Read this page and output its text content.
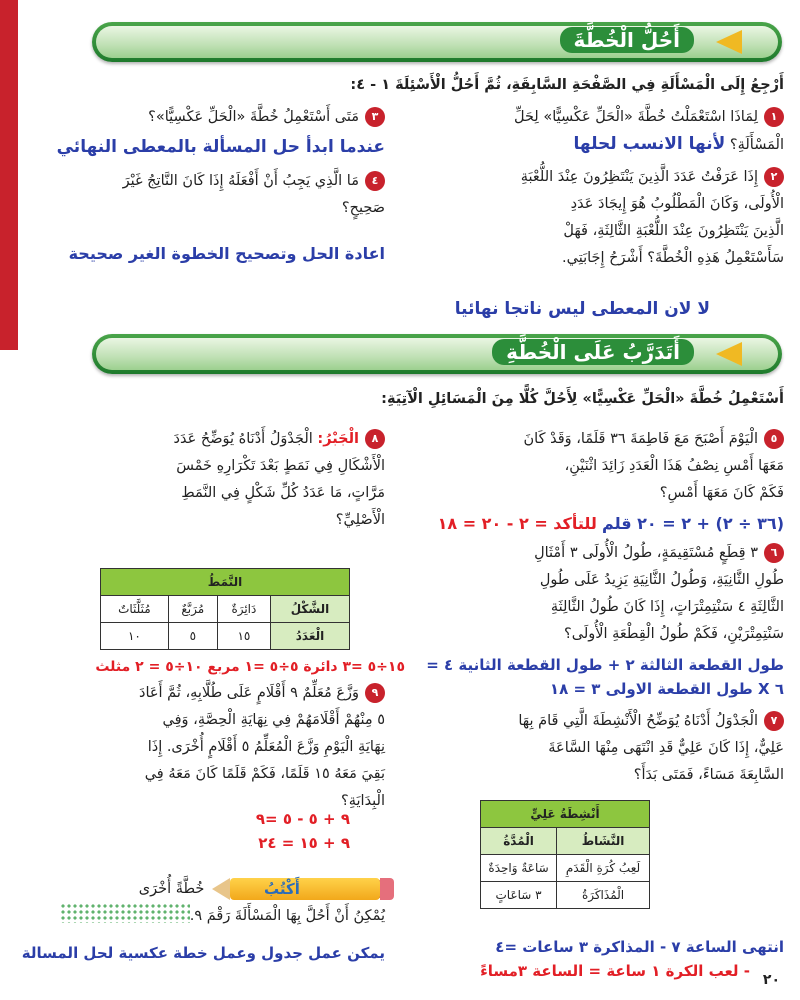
أَحُلُّ الْخُطَّةَ
أَرْجِعُ إِلَى الْمَسْأَلَةِ فِي الصَّفْحَةِ السَّابِقَةِ، ثُمَّ أَحُلُّ الْأَسْئِلَةَ ١ - ٤:
١لِمَاذَا اسْتَعْمَلْتُ خُطَّةَ «الْحَلِّ عَكْسِيًّا» لِحَلِّ
الْمَسْأَلَةِ؟ لأنها الانسب لحلها
٢إِذَا عَرَفْتُ عَدَدَ الَّذِينَ يَنْتَظِرُونَ عِنْدَ اللُّعْبَةِ
الْأُولَى، وَكَانَ الْمَطْلُوبُ هُوَ إِيجَادَ عَدَدِ
الَّذِينَ يَنْتَظِرُونَ عِنْدَ اللُّعْبَةِ الثَّالِثَةِ، فَهَلْ
سَأَسْتَعْمِلُ هَذِهِ الْخُطَّةَ؟ أَشْرَحُ إِجَابَتِي.
لا لان المعطى ليس ناتجا نهائيا
٣مَتَى أَسْتَعْمِلُ خُطَّةَ «الْحَلِّ عَكْسِيًّا»؟
عندما ابدأ حل المسألة بالمعطى النهائي
٤مَا الَّذِي يَجِبُ أَنْ أَفْعَلَهُ إِذَا كَانَ النَّاتِجُ غَيْرَ
صَحِيحٍ؟
اعادة الحل وتصحيح الخطوة الغير صحيحة
أَتَدَرَّبُ عَلَى الْخُطَّةِ
أَسْتَعْمِلُ خُطَّةَ «الْحَلِّ عَكْسِيًّا» لِأَحُلَّ كُلًّا مِنَ الْمَسَائِلِ الْآتِيَةِ:
٥الْيَوْمَ أَصْبَحَ مَعَ فَاطِمَةَ ٣٦ قَلَمًا، وَقَدْ كَانَ
مَعَهَا أَمْسِ نِصْفُ هَذَا الْعَدَدِ زَائِدَ اثْنَيْنِ،
فَكَمْ كَانَ مَعَهَا أَمْسِ؟
(٣٦ ÷ ٢) + ٢ = ٢٠ قلم للتأكد = ٢ - ٢٠ = ١٨
٦٣ قِطَعٍ مُسْتَقِيمَةٍ، طُولُ الْأُولَى ٣ أَمْثَالِ
طُولِ الثَّانِيَةِ، وَطُولُ الثَّانِيَةِ يَزِيدُ عَلَى طُولِ
الثَّالِثَةِ ٤ سَنْتِمِتْرَاتٍ، إِذَا كَانَ طُولُ الثَّالِثَةِ
سَنْتِمِتْرَيْنِ، فَكَمْ طُولُ الْقِطْعَةِ الْأُولَى؟
طول القطعة الثالثة ٢ + طول القطعة الثانية ٤ =
٦ X طول القطعة الاولى ٣ = ١٨
٧الْجَدْوَلُ أَدْنَاهُ يُوَضِّحُ الْأَنْشِطَةَ الَّتِي قَامَ بِهَا
عَلِيٌّ، إِذَا كَانَ عَلِيٌّ قَدِ انْتَهَى مِنْهَا السَّاعَةَ
السَّابِعَةَ مَسَاءً، فَمَتَى بَدَأَ؟
أَنْشِطَةُ عَلِيٍّ	
النَّشَاطُ	الْمُدَّةُ
لَعِبُ كُرَةِ الْقَدَمِ	سَاعَةٌ وَاحِدَةٌ
الْمُذَاكَرَةُ	٣ سَاعَاتٍ
انتهى الساعة ٧ - المذاكرة ٣ ساعات =٤
- لعب الكرة ١ ساعة = الساعة ٣مساءً
٨الْجَبْرُ: الْجَدْوَلُ أَدْنَاهُ يُوَضِّحُ عَدَدَ
الْأَشْكَالِ فِي نَمَطٍ بَعْدَ تَكْرَارِهِ خَمْسَ
مَرَّاتٍ، مَا عَدَدُ كُلِّ شَكْلٍ فِي النَّمَطِ
الْأَصْلِيِّ؟
النَّمَطُ			
الشَّكْلُ	دَائِرَةٌ	مُرَبَّعٌ	مُثَلَّثَاتٌ
الْعَدَدُ	١٥	٥	١٠
١٥÷٥ =٣ دائرة ٥÷٥ =١ مربع ١٠÷٥ = ٢ مثلث
٩وَزَّعَ مُعَلِّمٌ ٩ أَقْلَامٍ عَلَى طُلَّابِهِ، ثُمَّ أَعَادَ
٥ مِنْهُمْ أَقْلَامَهُمْ فِي نِهَايَةِ الْحِصَّةِ، وَفِي
نِهَايَةِ الْيَوْمِ وَزَّعَ الْمُعَلِّمُ ٥ أَقْلَامٍ أُخْرَى. إِذَا
بَقِيَ مَعَهُ ١٥ قَلَمًا، فَكَمْ قَلَمًا كَانَ مَعَهُ فِي
الْبِدَايَةِ؟
٩ + ٥ - ٥ =٩
٩ + ١٥ = ٢٤
خُطَّةً أُخْرَى
يُمْكِنُ أَنْ أَحُلَّ بِهَا الْمَسْأَلَةَ رَقْمَ ٩.
أَكْتُبُ
يمكن عمل جدول وعمل خطة عكسية لحل المسالة
٢٠
